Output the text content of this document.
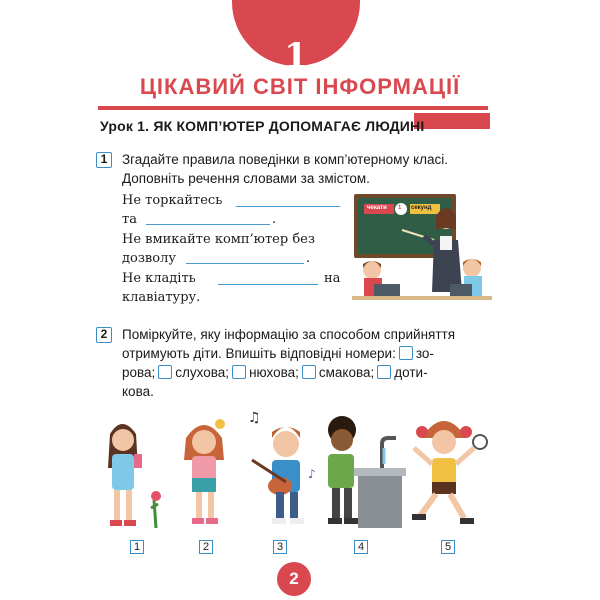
1
ЦІКАВИЙ СВІТ ІНФОРМАЦІЇ
Урок 1. ЯК КОМП’ЮТЕР ДОПОМАГАЄ ЛЮДИНІ
1	Згадайте правила поведінки в комп’ютерному класі.
Доповніть речення словами за змістом.
Не торкайтесь
та	.
Не вмикайте комп’ютер без
дозволу	.
Не кладіть	на
клавіатуру.
чекати 1 секунд
2	Поміркуйте, яку інформацію за способом сприйняття
отримують діти. Впишіть відповідні номери: зо-
рова; слухова; нюхова; смакова; доти-
кова.
♫
♪
1	2	3	4	5
2
